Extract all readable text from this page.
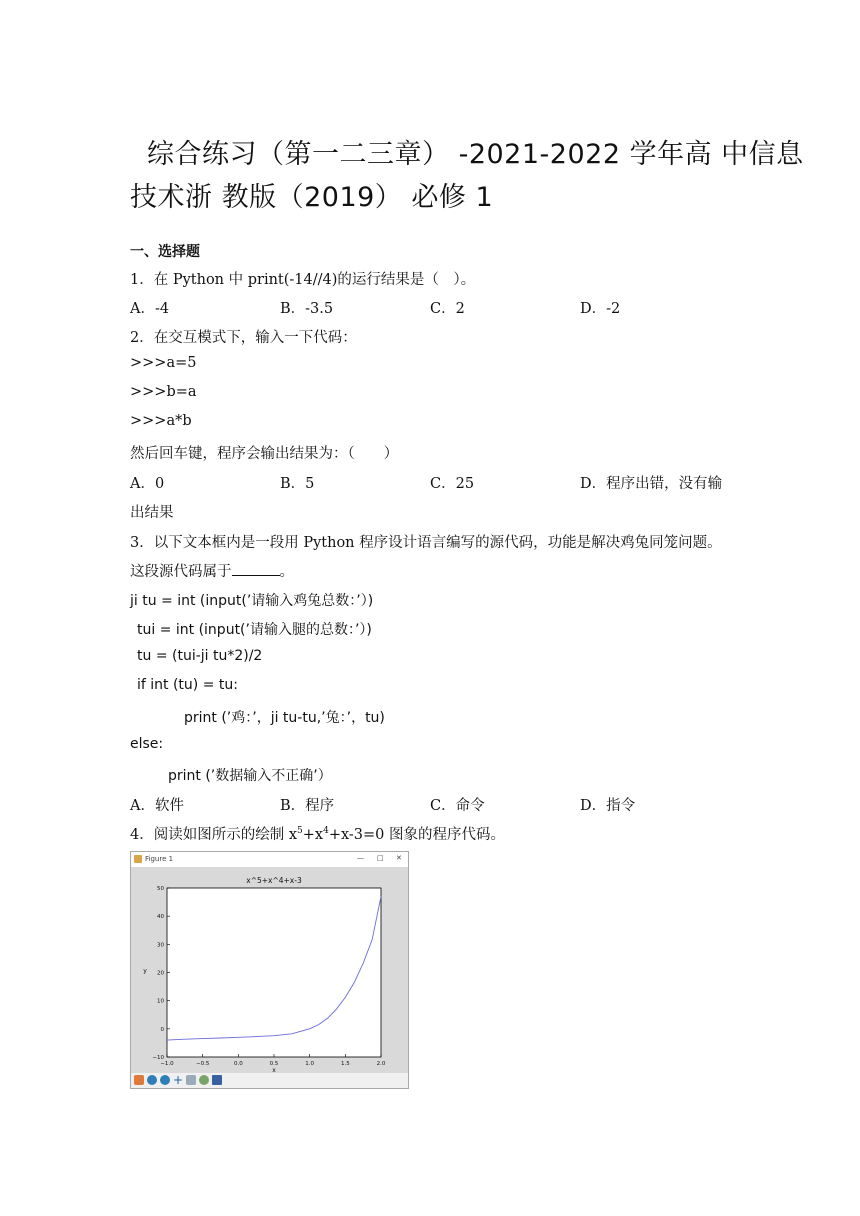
综合练习（第一二三章） -2021-2022 学年高 中信息
技术浙 教版（2019） 必修 1
一、选择题
1．在 Python 中 print(-14//4)的运行结果是（　）。
A．-4	B．-3.5	C．2	D．-2
2．在交互模式下，输入一下代码：
>>>a=5
>>>b=a
>>>a*b
然后回车键，程序会输出结果为：（　　）
A．0	B．5	C．25	D．程序出错，没有输
出结果
3．以下文本框内是一段用 Python 程序设计语言编写的源代码，功能是解决鸡兔同笼问题。
这段源代码属于	。
ji tu = int (input(’请输入鸡兔总数：’）)
tui = int (input(’请输入腿的总数：’）)
tu = (tui-ji tu*2)/2
if int (tu) = tu:
print (’鸡：’，ji tu-tu,’兔：’，tu)
else:
print (’数据输入不正确’）
A．软件	B．程序	C．命令	D．指令
4．阅读如图所示的绘制 $x^5+x^4+x-3=0$ 图象的程序代码。
Figure 1	— □ ✕
x^5+x^4+x-3
−1.0	−0.5	0.0	0.5	1.0	1.5	2.0
−10
0
10
20
30
40
50
x
y
+
